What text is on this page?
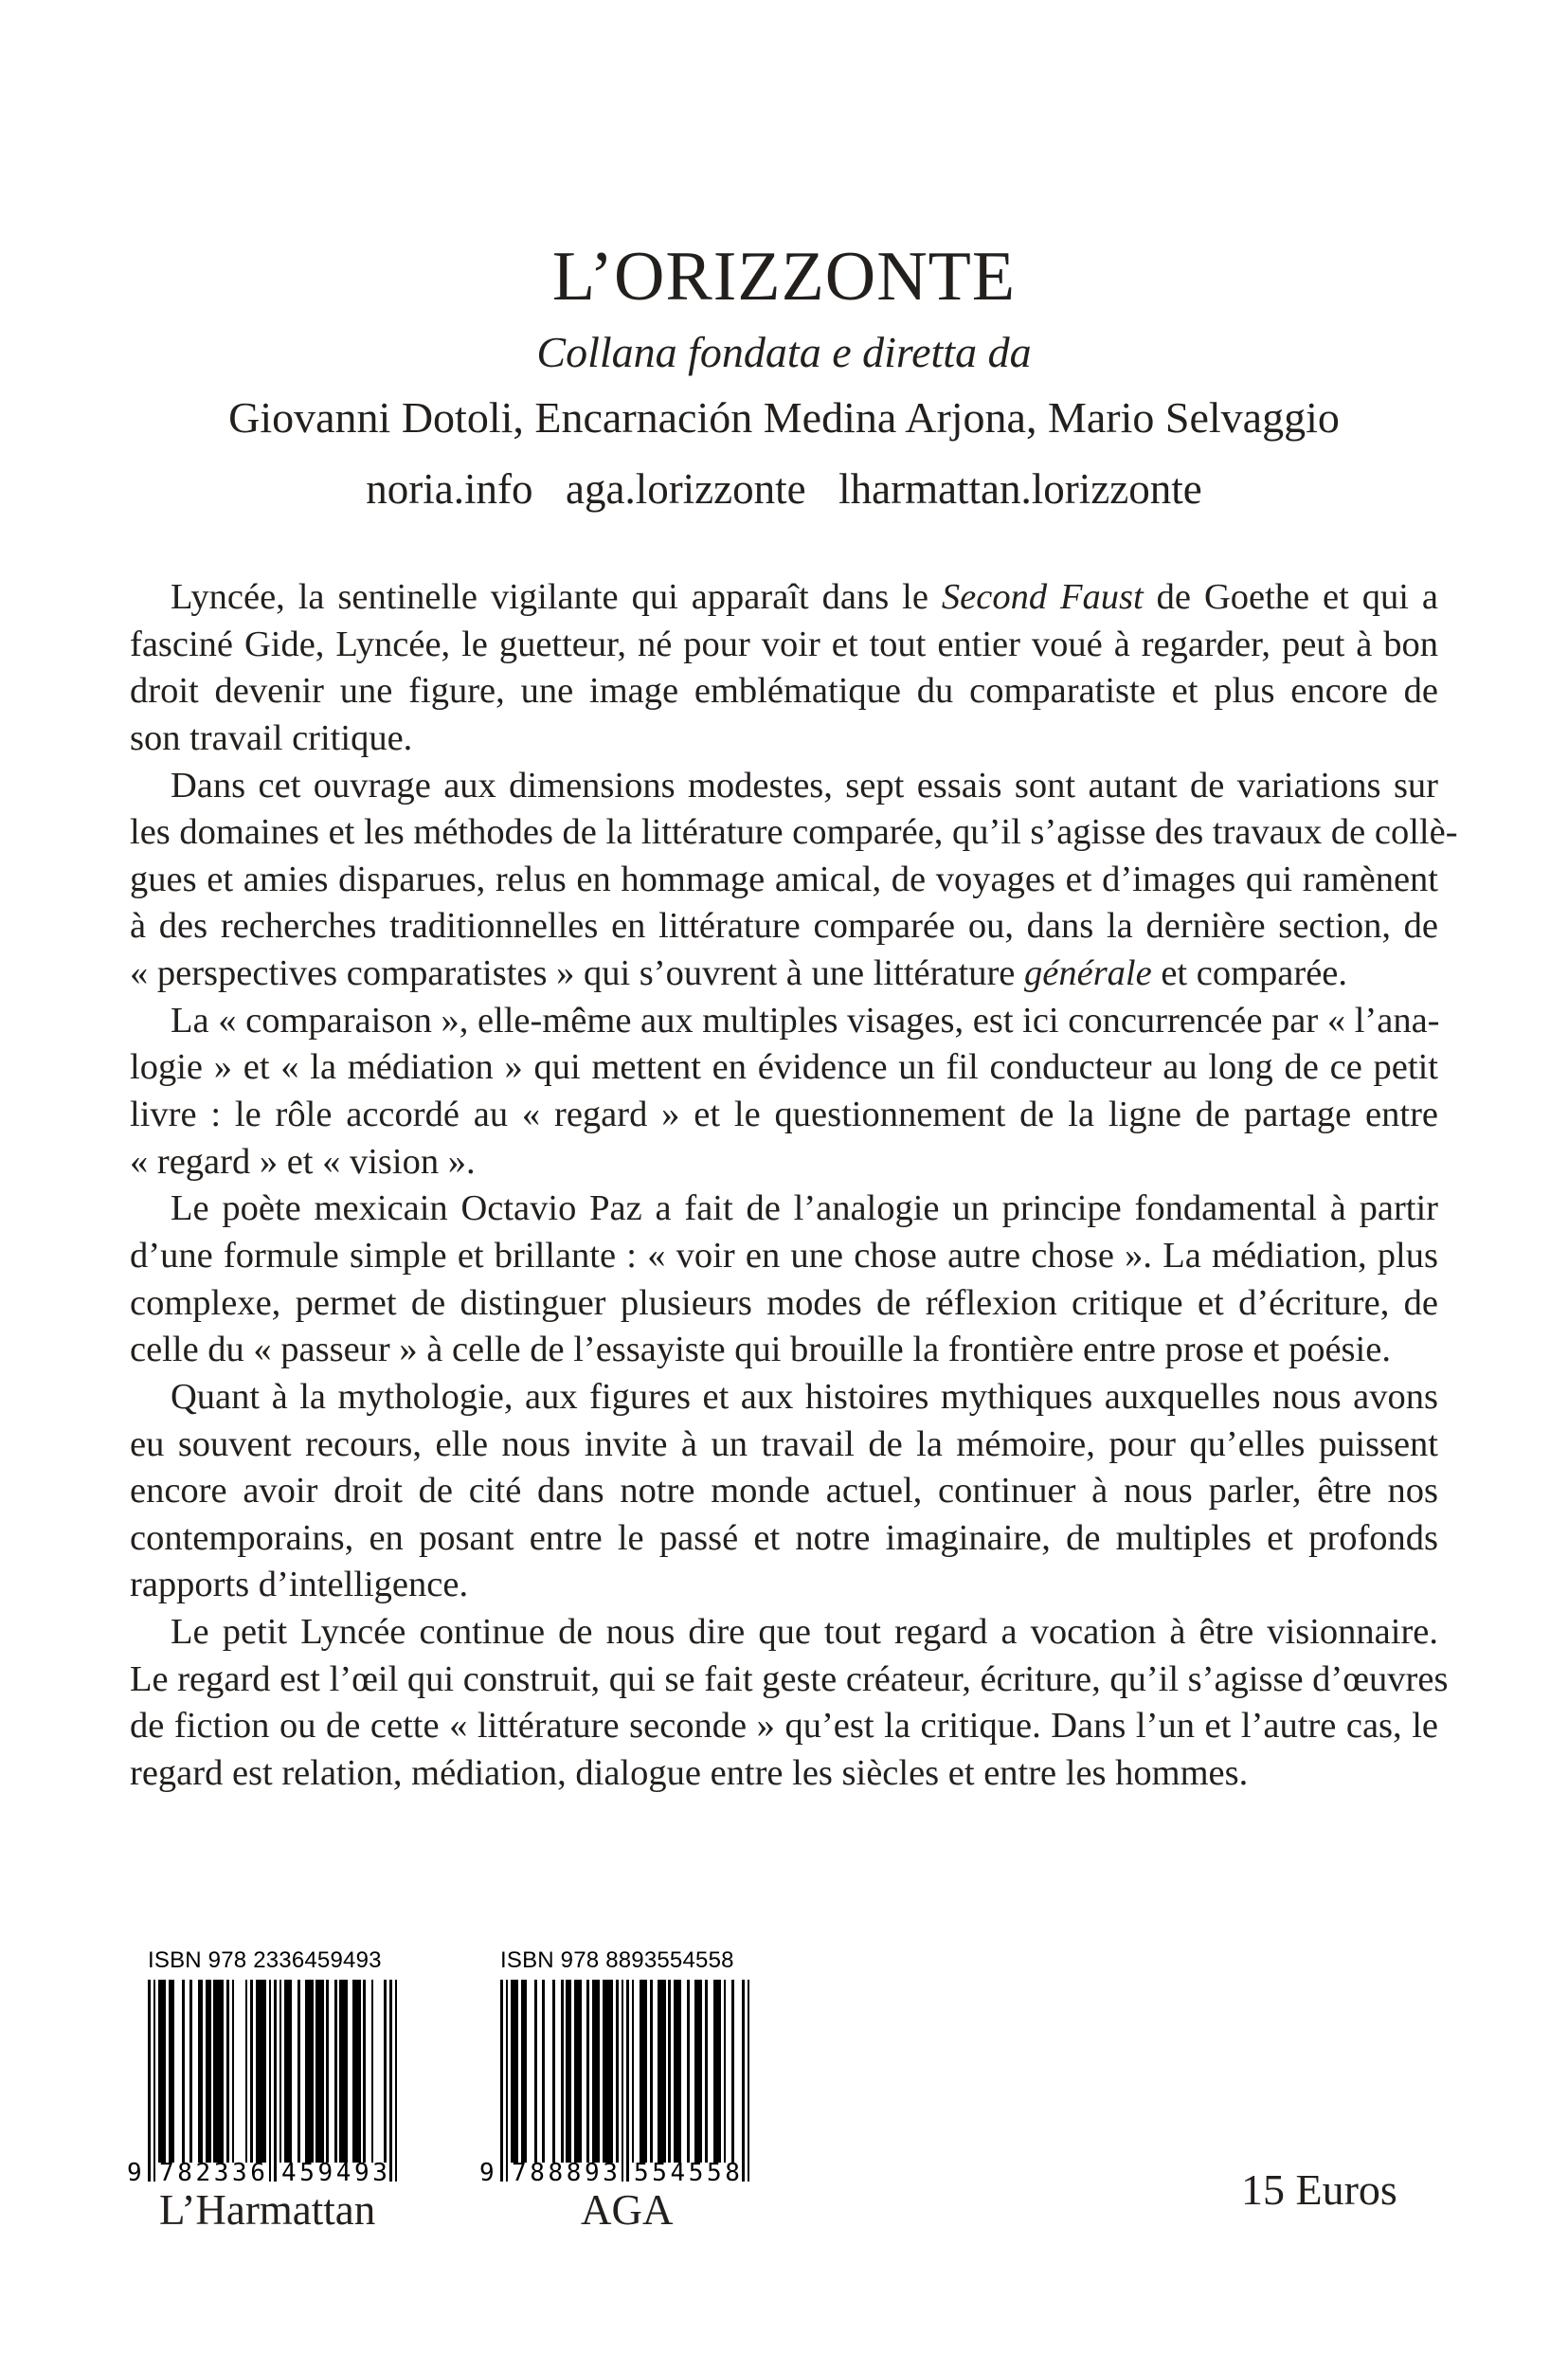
L’ORIZZONTE
Collana fondata e diretta da
Giovanni Dotoli, Encarnación Medina Arjona, Mario Selvaggio
noria.info  aga.lorizzonte  lharmattan.lorizzonte
Lyncée, la sentinelle vigilante qui apparaît dans le Second Faust de Goethe et qui a
fasciné Gide, Lyncée, le guetteur, né pour voir et tout entier voué à regarder, peut à bon
droit devenir une figure, une image emblématique du comparatiste et plus encore de
son travail critique.
Dans cet ouvrage aux dimensions modestes, sept essais sont autant de variations sur
les domaines et les méthodes de la littérature comparée, qu’il s’agisse des travaux de collè-
gues et amies disparues, relus en hommage amical, de voyages et d’images qui ramènent
à des recherches traditionnelles en littérature comparée ou, dans la dernière section, de
« perspectives comparatistes » qui s’ouvrent à une littérature générale et comparée.
La « comparaison », elle-même aux multiples visages, est ici concurrencée par « l’ana-
logie » et « la médiation » qui mettent en évidence un fil conducteur au long de ce petit
livre : le rôle accordé au « regard » et le questionnement de la ligne de partage entre
« regard » et « vision ».
Le poète mexicain Octavio Paz a fait de l’analogie un principe fondamental à partir
d’une formule simple et brillante : « voir en une chose autre chose ». La médiation, plus
complexe, permet de distinguer plusieurs modes de réflexion critique et d’écriture, de
celle du « passeur » à celle de l’essayiste qui brouille la frontière entre prose et poésie.
Quant à la mythologie, aux figures et aux histoires mythiques auxquelles nous avons
eu souvent recours, elle nous invite à un travail de la mémoire, pour qu’elles puissent
encore avoir droit de cité dans notre monde actuel, continuer à nous parler, être nos
contemporains, en posant entre le passé et notre imaginaire, de multiples et profonds
rapports d’intelligence.
Le petit Lyncée continue de nous dire que tout regard a vocation à être visionnaire.
Le regard est l’œil qui construit, qui se fait geste créateur, écriture, qu’il s’agisse d’œuvres
de fiction ou de cette « littérature seconde » qu’est la critique. Dans l’un et l’autre cas, le
regard est relation, médiation, dialogue entre les siècles et entre les hommes.
ISBN 978 2336459493
9 782336 459493
L’Harmattan
ISBN 978 8893554558
9 788893 554558
AGA	15 Euros
